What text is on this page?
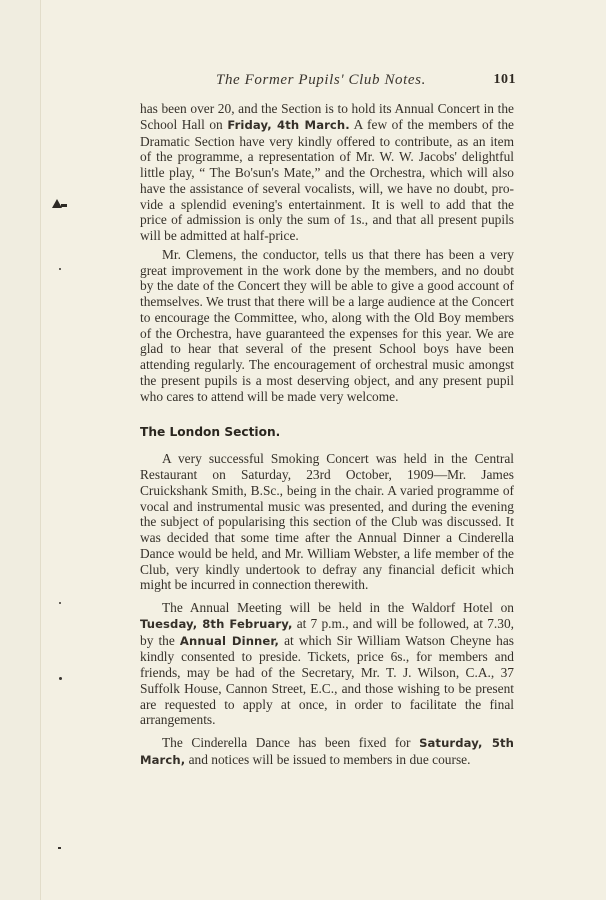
The Former Pupils' Club Notes.	101

has been over 20, and the Section is to hold its Annual Concert in the School Hall on Friday, 4th March. A few of the members of the Dramatic Section have very kindly offered to contribute, as an item of the programme, a representation of Mr. W. W. Jacobs' delightful little play, “ The Bo'sun's Mate,” and the Orchestra, which will also have the assistance of several vocalists, will, we have no doubt, provide a splendid evening's entertainment. It is well to add that the price of admission is only the sum of 1s., and that all present pupils will be admitted at half-price.

Mr. Clemens, the conductor, tells us that there has been a very great improvement in the work done by the members, and no doubt by the date of the Concert they will be able to give a good account of themselves. We trust that there will be a large audience at the Concert to encourage the Committee, who, along with the Old Boy members of the Orchestra, have guaranteed the expenses for this year. We are glad to hear that several of the present School boys have been attending regularly. The encouragement of orchestral music amongst the present pupils is a most deserving object, and any present pupil who cares to attend will be made very welcome.

The London Section.

A very successful Smoking Concert was held in the Central Restaurant on Saturday, 23rd October, 1909—Mr. James Cruickshank Smith, B.Sc., being in the chair. A varied programme of vocal and instrumental music was presented, and during the evening the subject of popularising this section of the Club was discussed. It was decided that some time after the Annual Dinner a Cinderella Dance would be held, and Mr. William Webster, a life member of the Club, very kindly undertook to defray any financial deficit which might be incurred in connection therewith.

The Annual Meeting will be held in the Waldorf Hotel on Tuesday, 8th February, at 7 p.m., and will be followed, at 7.30, by the Annual Dinner, at which Sir William Watson Cheyne has kindly consented to preside. Tickets, price 6s., for members and friends, may be had of the Secretary, Mr. T. J. Wilson, C.A., 37 Suffolk House, Cannon Street, E.C., and those wishing to be present are requested to apply at once, in order to facilitate the final arrangements.

The Cinderella Dance has been fixed for Saturday, 5th March, and notices will be issued to members in due course.
